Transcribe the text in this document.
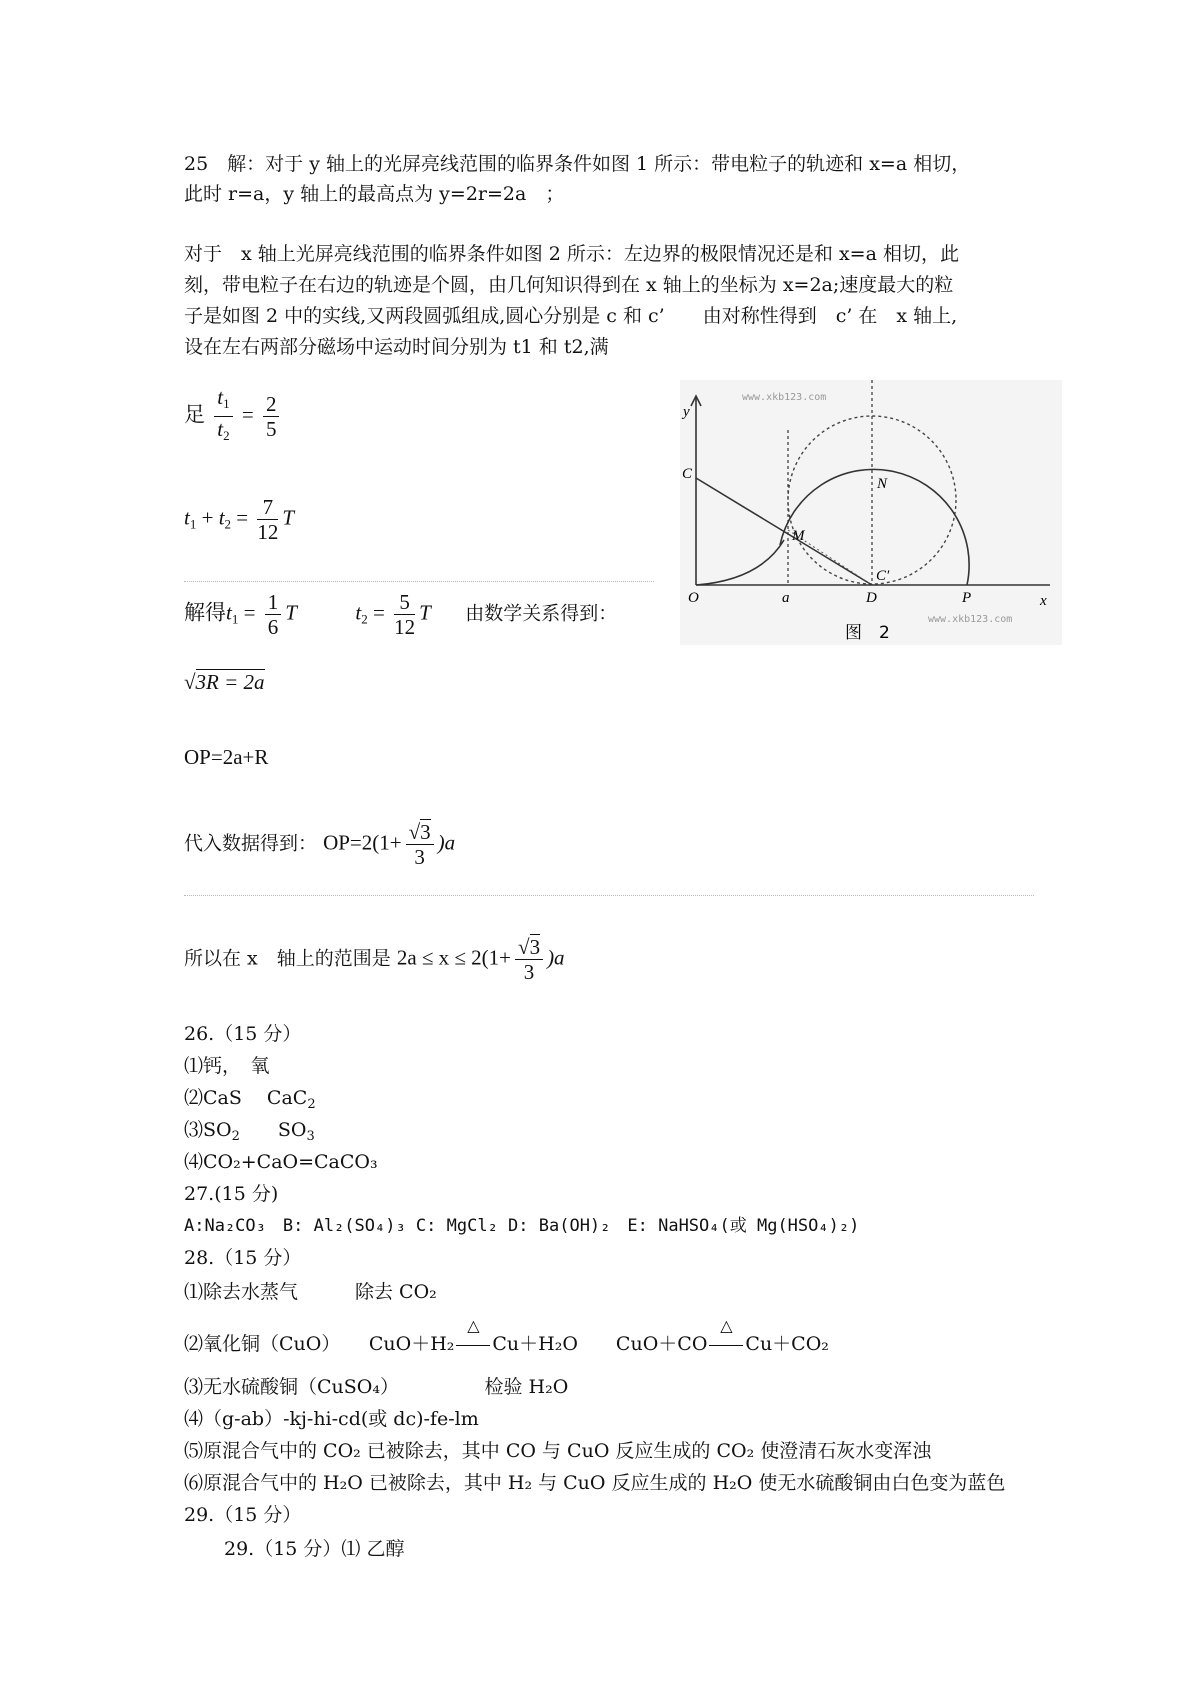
25　解：对于 y 轴上的光屏亮线范围的临界条件如图 1 所示：带电粒子的轨迹和 x=a 相切，
此时 r=a，y 轴上的最高点为 y=2r=2a　；
对于　x 轴上光屏亮线范围的临界条件如图 2 所示：左边界的极限情况还是和 x=a 相切，此
刻，带电粒子在右边的轨迹是个圆，由几何知识得到在 x 轴上的坐标为 x=2a;速度最大的粒
子是如图 2 中的实线,又两段圆弧组成,圆心分别是 c 和 c’　　由对称性得到　c’ 在　x 轴上,
设在左右两部分磁场中运动时间分别为 t1 和 t2,满
足 $\frac{t_1}{t_2} = \frac{2}{5}$
$t_1 + t_2 = \frac{7}{12}$ T
解得$t_1 = \frac{1}{6}$ T	$t_2 = \frac{5}{12}$ T 由数学关系得到：
√3R = 2a
OP=2a+R
代入数据得到： $OP=2(1+ \frac{√3}{3} )a$
所以在 x　轴上的范围是 $2a \le x \le 2(1+ \frac{√3}{3} )a$
www.xkb123.com
www.xkb123.com
y
x
C
N
M
C′
O	a	D	P
图　2
26.（15 分）
⑴钙，　氧
⑵CaS　 CaC$_2$
$⑶SO_2$　　$SO_3$
⑷CO₂+CaO=CaCO₃
27.(15 分)
A:Na₂CO₃　B: Al₂(SO₄)₃ C: MgCl₂ D: Ba(OH)₂　E: NaHSO₄(或 Mg(HSO₄)₂)
28.（15 分）
⑴除去水蒸气　　　除去 CO₂
⑵氧化铜（CuO）　　CuO＋H₂
△
Cu＋H₂O　　CuO＋CO
△
Cu＋CO₂
⑶无水硫酸铜（CuSO₄）　　　　　检验 H₂O
⑷（g-ab）-kj-hi-cd(或 dc)-fe-lm
⑸原混合气中的 CO₂ 已被除去，其中 CO 与 CuO 反应生成的 CO₂ 使澄清石灰水变浑浊
⑹原混合气中的 H₂O 已被除去，其中 H₂ 与 CuO 反应生成的 H₂O 使无水硫酸铜由白色变为蓝色
29.（15 分）
29.（15 分）⑴ 乙醇
